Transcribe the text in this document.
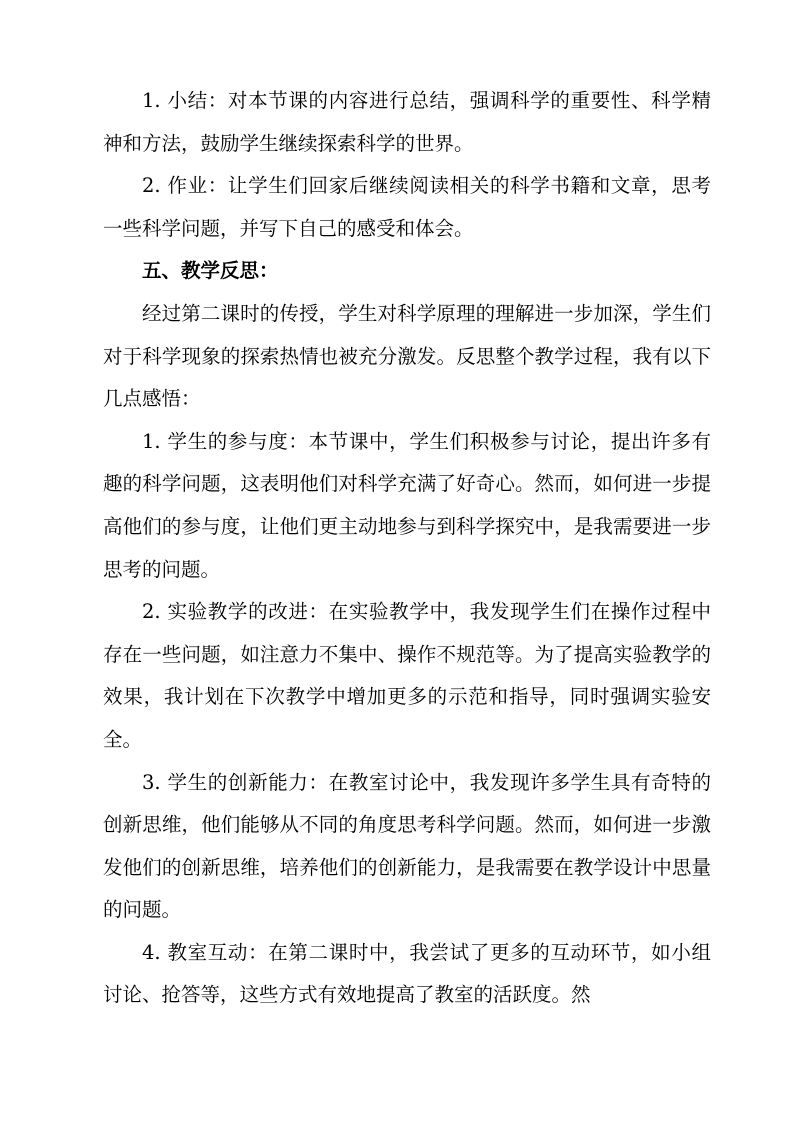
1. 小结：对本节课的内容进行总结，强调科学的重要性、科学精神和方法，鼓励学生继续探索科学的世界。

2. 作业：让学生们回家后继续阅读相关的科学书籍和文章，思考一些科学问题，并写下自己的感受和体会。

五、教学反思：

经过第二课时的传授，学生对科学原理的理解进一步加深，学生们对于科学现象的探索热情也被充分激发。反思整个教学过程，我有以下几点感悟：

1. 学生的参与度：本节课中，学生们积极参与讨论，提出许多有趣的科学问题，这表明他们对科学充满了好奇心。然而，如何进一步提高他们的参与度，让他们更主动地参与到科学探究中，是我需要进一步思考的问题。

2. 实验教学的改进：在实验教学中，我发现学生们在操作过程中存在一些问题，如注意力不集中、操作不规范等。为了提高实验教学的效果，我计划在下次教学中增加更多的示范和指导，同时强调实验安全。

3. 学生的创新能力：在教室讨论中，我发现许多学生具有奇特的创新思维，他们能够从不同的角度思考科学问题。然而，如何进一步激发他们的创新思维，培养他们的创新能力，是我需要在教学设计中思量的问题。

4. 教室互动：在第二课时中，我尝试了更多的互动环节，如小组讨论、抢答等，这些方式有效地提高了教室的活跃度。然
